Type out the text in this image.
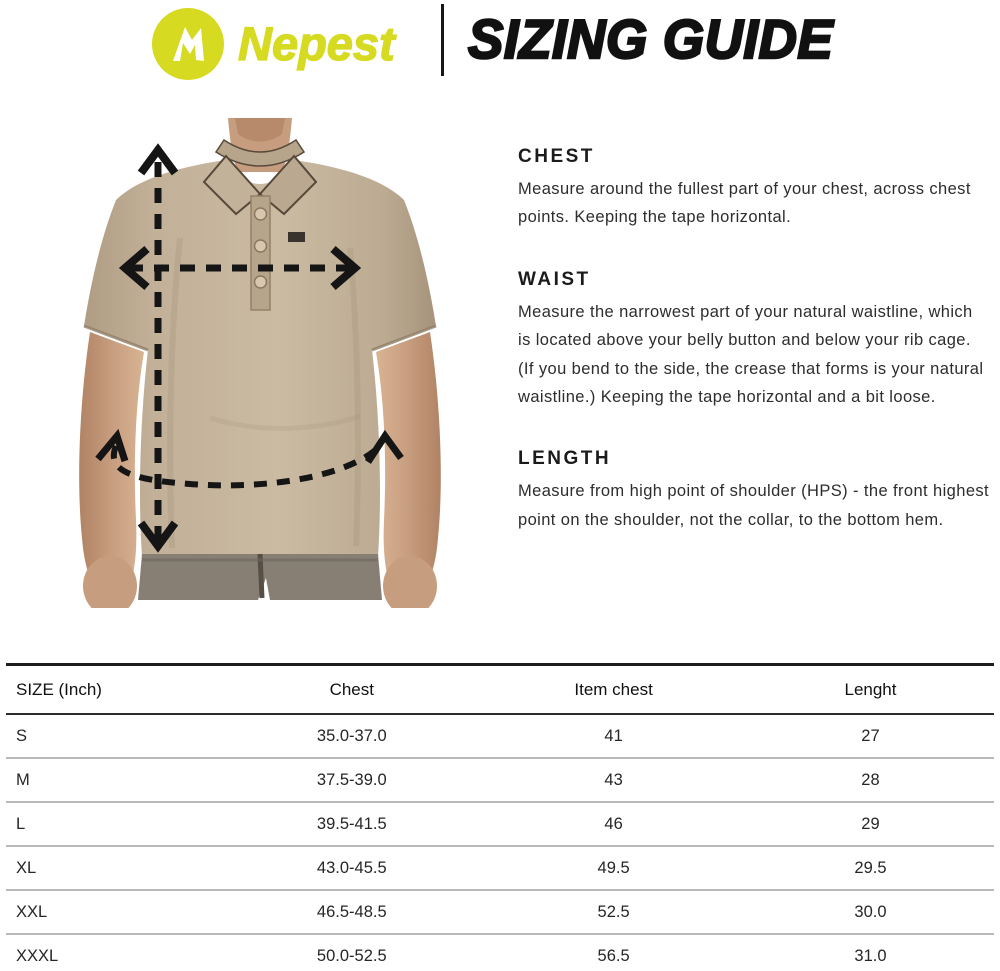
Nepest SIZING GUIDE
CHEST

Measure around the fullest part of your chest, across chest points. Keeping the tape horizontal.

WAIST

Measure the narrowest part of your natural waistline, which is located above your belly button and below your rib cage. (If you bend to the side, the crease that forms is your natural waistline.) Keeping the tape horizontal and a bit loose.

LENGTH

Measure from high point of shoulder (HPS) - the front highest point on the shoulder, not the collar, to the bottom hem.

SIZE (Inch)	Chest	Item chest	Lenght
S	35.0-37.0	41	27
M	37.5-39.0	43	28
L	39.5-41.5	46	29
XL	43.0-45.5	49.5	29.5
XXL	46.5-48.5	52.5	30.0
XXXL	50.0-52.5	56.5	31.0
